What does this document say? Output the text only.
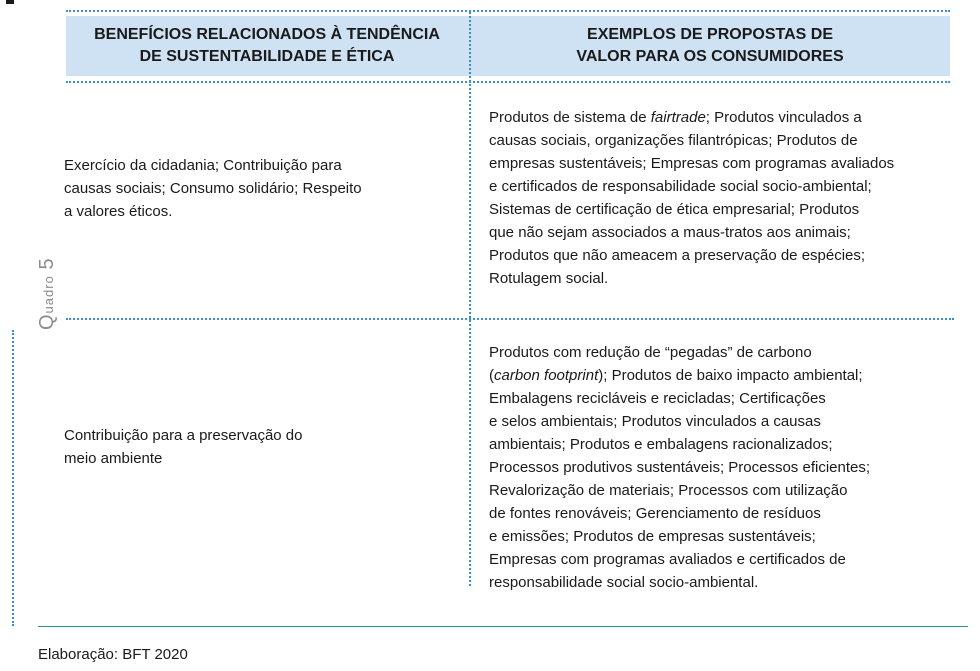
BENEFÍCIOS RELACIONADOS À TENDÊNCIA
DE SUSTENTABILIDADE E ÉTICA
EXEMPLOS DE PROPOSTAS DE
VALOR PARA OS CONSUMIDORES
Exercício da cidadania; Contribuição para
causas sociais; Consumo solidário; Respeito
a valores éticos.
Produtos de sistema de fairtrade; Produtos vinculados a
causas sociais, organizações filantrópicas; Produtos de
empresas sustentáveis; Empresas com programas avaliados
e certificados de responsabilidade social socio-ambiental;
Sistemas de certificação de ética empresarial; Produtos
que não sejam associados a maus-tratos aos animais;
Produtos que não ameacem a preservação de espécies;
Rotulagem social.
Contribuição para a preservação do
meio ambiente
Produtos com redução de “pegadas” de carbono
(carbon footprint); Produtos de baixo impacto ambiental;
Embalagens recicláveis e recicladas; Certificações
e selos ambientais; Produtos vinculados a causas
ambientais; Produtos e embalagens racionalizados;
Processos produtivos sustentáveis; Processos eficientes;
Revalorização de materiais; Processos com utilização
de fontes renováveis; Gerenciamento de resíduos
e emissões; Produtos de empresas sustentáveis;
Empresas com programas avaliados e certificados de
responsabilidade social socio-ambiental.
Quadro 5
Elaboração: BFT 2020
